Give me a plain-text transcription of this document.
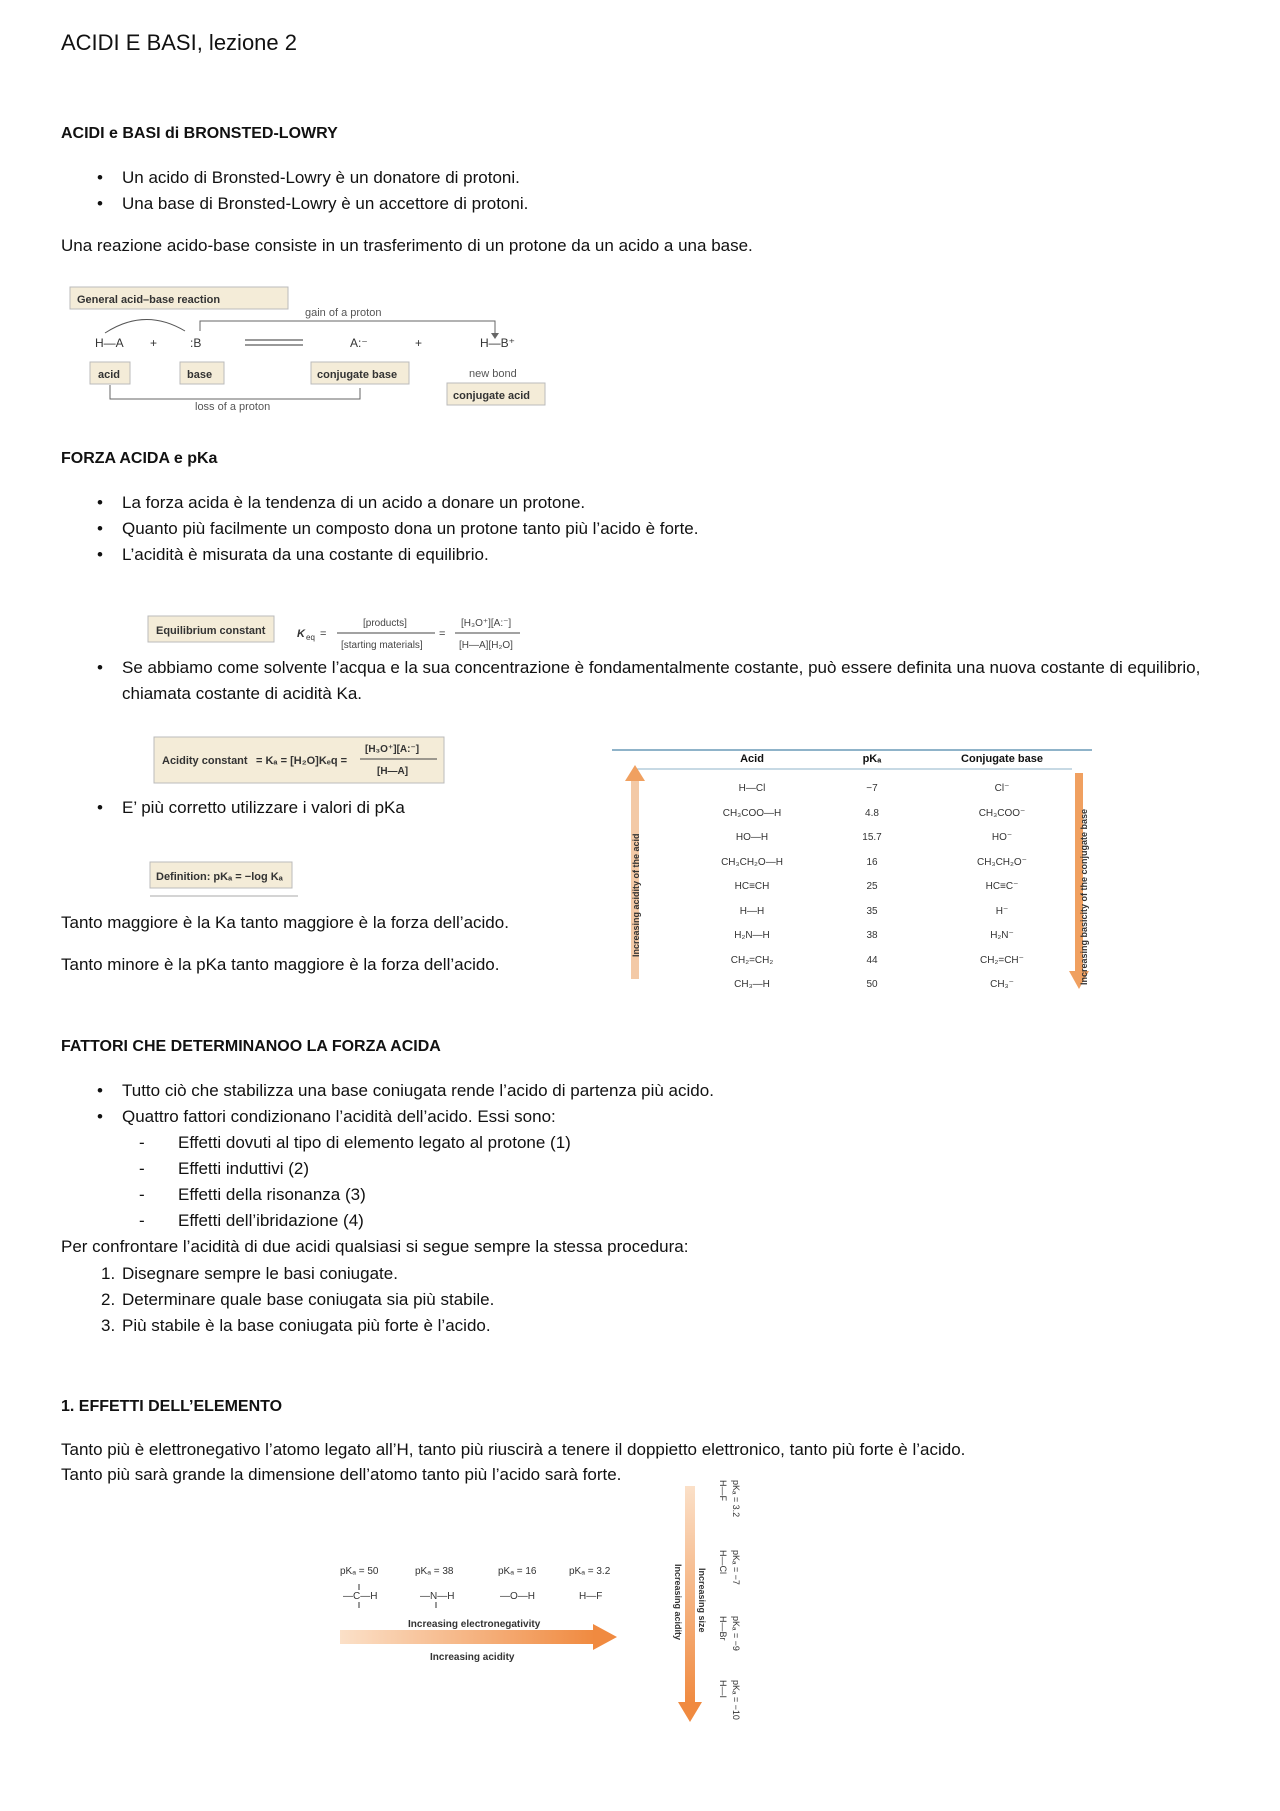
ACIDI E BASI, lezione 2
ACIDI e BASI di BRONSTED-LOWRY
• Un acido di Bronsted-Lowry è un donatore di protoni.
• Una base di Bronsted-Lowry è un accettore di protoni.
Una reazione acido-base consiste in un trasferimento di un protone da un acido a una base.
General acid–base reaction
gain of a proton
H—A +	:B	A:⁻	+	H—B⁺
acid	base	conjugate base	new bond
conjugate acid
loss of a proton
FORZA ACIDA e pKa
• La forza acida è la tendenza di un acido a donare un protone.
• Quanto più facilmente un composto dona un protone tanto più l’acido è forte.
• L’acidità è misurata da una costante di equilibrio.
Equilibrium constant	K eq =
[products]
[starting materials]
=
[H₃O⁺][A:⁻]
[H—A][H₂O]
• Se abbiamo come solvente l’acqua e la sua concentrazione è fondamentalmente costante, può essere definita una nuova costante di equilibrio, chiamata costante di acidità Ka.
Acidity constant = Kₐ = [H₂O]Kₑq =
[H₃O⁺][A:⁻]
[H—A]
• E’ più corretto utilizzare i valori di pKa
Definition: pKₐ = −log Kₐ
Tanto maggiore è la Ka tanto maggiore è la forza dell’acido.
Tanto minore è la pKa tanto maggiore è la forza dell’acido.
Increasing acidity of the acid	Increasing basicity of the conjugate base
Acid	pKₐ	Conjugate base
H—Cl	−7	Cl⁻
CH₃COO—H	4.8	CH₃COO⁻
HO—H	15.7	HO⁻
CH₃CH₂O—H	16	CH₃CH₂O⁻
HC≡CH	25	HC≡C⁻
H—H	35	H⁻
H₂N—H	38	H₂N⁻
CH₂=CH₂	44	CH₂=CH⁻
CH₃—H	50	CH₃⁻
FATTORI CHE DETERMINANOO LA FORZA ACIDA
• Tutto ciò che stabilizza una base coniugata rende l’acido di partenza più acido.
• Quattro fattori condizionano l’acidità dell’acido. Essi sono:
- Effetti dovuti al tipo di elemento legato al protone (1)
- Effetti induttivi (2)
- Effetti della risonanza (3)
- Effetti dell’ibridazione (4)
Per confrontare l’acidità di due acidi qualsiasi si segue sempre la stessa procedura:
1. Disegnare sempre le basi coniugate.
2. Determinare quale base coniugata sia più stabile.
3. Più stabile è la base coniugata più forte è l’acido.
1. EFFETTI DELL’ELEMENTO
Tanto più è elettronegativo l’atomo legato all’H, tanto più riuscirà a tenere il doppietto elettronico, tanto più forte è l’acido.
Tanto più sarà grande la dimensione dell’atomo tanto più l’acido sarà forte.
pKₐ = 50	pKₐ = 38	pKₐ = 16	pKₐ = 3.2
—C—H	—N—H	—O—H	H—F
Increasing electronegativity
Increasing acidity
Increasing acidity Increasing size
H—F pKₐ = 3.2
H—Cl pKₐ = −7
H—Br pKₐ = −9
H—I pKₐ = −10
